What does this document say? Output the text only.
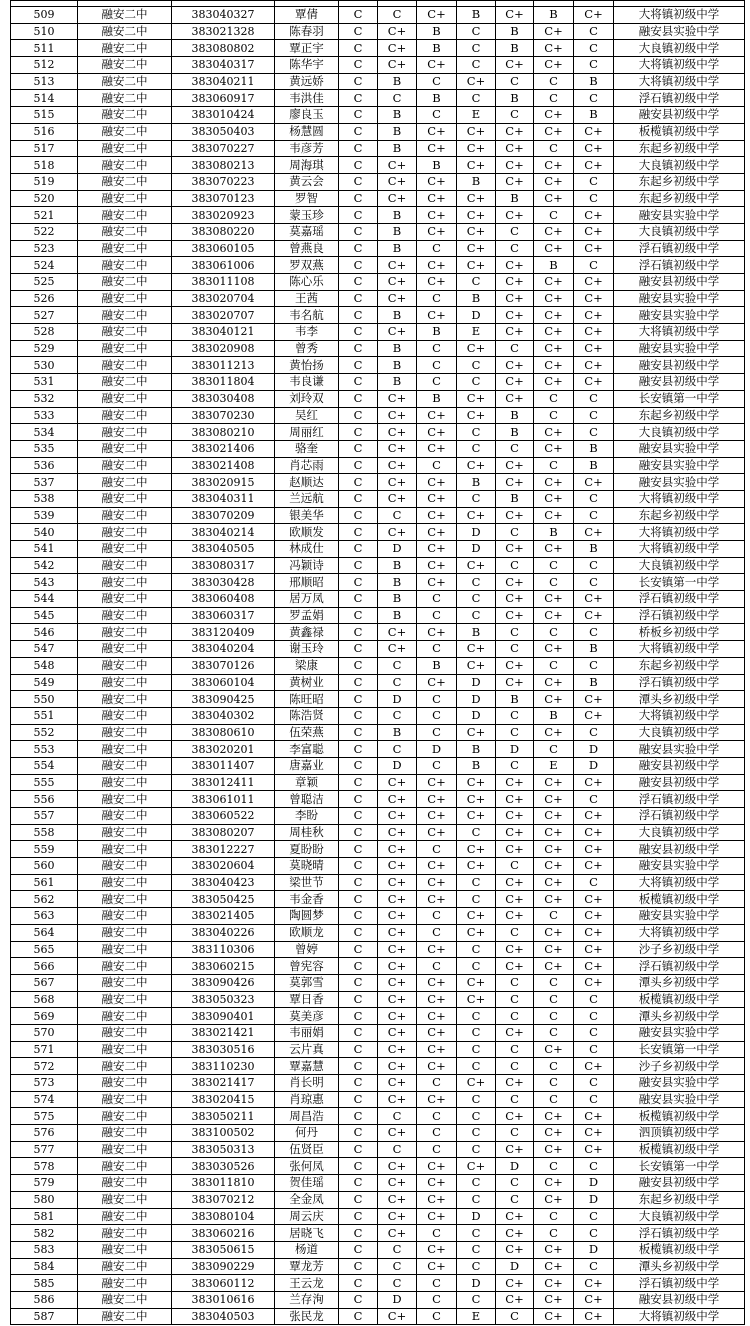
509	融安二中	383040327	覃倩	C	C	C+	B	C+	B	C+	大将镇初级中学
510	融安二中	383021328	陈春羽	C	C+	B	C	B	C+	C	融安县实验中学
511	融安二中	383080802	覃正宇	C	C+	B	C	B	C+	C	大良镇初级中学
512	融安二中	383040317	陈华宇	C	C+	C+	C	C+	C+	C	大将镇初级中学
513	融安二中	383040211	黄远娇	C	B	C	C+	C	C	B	大将镇初级中学
514	融安二中	383060917	韦洪佳	C	C	B	C	B	C	C	浮石镇初级中学
515	融安二中	383010424	廖良玉	C	B	C	E	C	C+	B	融安县初级中学
516	融安二中	383050403	杨慧圆	C	B	C+	C+	C+	C+	C+	板榄镇初级中学
517	融安二中	383070227	韦彦芳	C	B	C+	C+	C+	C	C+	东起乡初级中学
518	融安二中	383080213	周海琪	C	C+	B	C+	C+	C+	C+	大良镇初级中学
519	融安二中	383070223	黄云会	C	C+	C+	B	C+	C+	C	东起乡初级中学
520	融安二中	383070123	罗智	C	C+	C+	C+	B	C+	C	东起乡初级中学
521	融安二中	383020923	蒙玉珍	C	B	C+	C+	C+	C	C+	融安县实验中学
522	融安二中	383080220	莫嘉瑶	C	B	C+	C+	C	C+	C+	大良镇初级中学
523	融安二中	383060105	曾燕良	C	B	C	C+	C	C+	C+	浮石镇初级中学
524	融安二中	383061006	罗双燕	C	C+	C+	C+	C+	B	C	浮石镇初级中学
525	融安二中	383011108	陈心乐	C	C+	C+	C	C+	C+	C+	融安县初级中学
526	融安二中	383020704	王茜	C	C+	C	B	C+	C+	C+	融安县实验中学
527	融安二中	383020707	韦名航	C	B	C+	D	C+	C+	C+	融安县实验中学
528	融安二中	383040121	韦李	C	C+	B	E	C+	C+	C+	大将镇初级中学
529	融安二中	383020908	曾秀	C	B	C	C+	C	C+	C+	融安县实验中学
530	融安二中	383011213	黄怡扬	C	B	C	C	C+	C+	C+	融安县初级中学
531	融安二中	383011804	韦良谦	C	B	C	C	C+	C+	C+	融安县初级中学
532	融安二中	383030408	刘玲双	C	C+	B	C+	C+	C	C	长安镇第一中学
533	融安二中	383070230	吴红	C	C+	C+	C+	B	C	C	东起乡初级中学
534	融安二中	383080210	周丽红	C	C+	C+	C	B	C+	C	大良镇初级中学
535	融安二中	383021406	骆奎	C	C+	C+	C	C	C+	B	融安县实验中学
536	融安二中	383021408	肖芯雨	C	C+	C	C+	C+	C	B	融安县实验中学
537	融安二中	383020915	赵顺达	C	C+	C+	B	C+	C+	C+	融安县实验中学
538	融安二中	383040311	兰远航	C	C+	C+	C	B	C+	C	大将镇初级中学
539	融安二中	383070209	银美华	C	C	C+	C+	C+	C+	C	东起乡初级中学
540	融安二中	383040214	欧顺发	C	C+	C+	D	C	B	C+	大将镇初级中学
541	融安二中	383040505	林成仕	C	D	C+	D	C+	C+	B	大将镇初级中学
542	融安二中	383080317	冯颖诗	C	B	C+	C+	C	C	C	大良镇初级中学
543	融安二中	383030428	邢顺昭	C	B	C+	C	C+	C	C	长安镇第一中学
544	融安二中	383060408	居万凤	C	B	C	C	C+	C+	C+	浮石镇初级中学
545	融安二中	383060317	罗孟娟	C	B	C	C	C+	C+	C+	浮石镇初级中学
546	融安二中	383120409	黄鑫禄	C	C+	C+	B	C	C	C	桥板乡初级中学
547	融安二中	383040204	谢玉玲	C	C+	C	C+	C	C+	B	大将镇初级中学
548	融安二中	383070126	梁康	C	C	B	C+	C+	C	C	东起乡初级中学
549	融安二中	383060104	黄树业	C	C	C+	D	C+	C+	B	浮石镇初级中学
550	融安二中	383090425	陈旺昭	C	D	C	D	B	C+	C+	潭头乡初级中学
551	融安二中	383040302	陈浩贤	C	C	C	D	C	B	C+	大将镇初级中学
552	融安二中	383080610	伍荣燕	C	B	C	C+	C	C+	C	大良镇初级中学
553	融安二中	383020201	李富聪	C	C	D	B	D	C	D	融安县实验中学
554	融安二中	383011407	唐嘉业	C	D	C	B	C	E	D	融安县初级中学
555	融安二中	383012411	章颖	C	C+	C+	C+	C+	C+	C+	融安县初级中学
556	融安二中	383061011	曾聪洁	C	C+	C+	C+	C+	C+	C	浮石镇初级中学
557	融安二中	383060522	李盼	C	C+	C+	C+	C+	C+	C+	浮石镇初级中学
558	融安二中	383080207	周桂秋	C	C+	C+	C	C+	C+	C+	大良镇初级中学
559	融安二中	383012227	夏盼盼	C	C+	C	C+	C+	C+	C+	融安县初级中学
560	融安二中	383020604	莫晓晴	C	C+	C+	C+	C	C+	C+	融安县实验中学
561	融安二中	383040423	梁世节	C	C+	C+	C	C+	C+	C	大将镇初级中学
562	融安二中	383050425	韦金香	C	C+	C+	C	C+	C+	C+	板榄镇初级中学
563	融安二中	383021405	陶圆梦	C	C+	C	C+	C+	C	C+	融安县实验中学
564	融安二中	383040226	欧顺龙	C	C+	C	C+	C	C+	C+	大将镇初级中学
565	融安二中	383110306	曾婷	C	C+	C+	C	C+	C+	C+	沙子乡初级中学
566	融安二中	383060215	曾宪容	C	C+	C	C	C+	C+	C+	浮石镇初级中学
567	融安二中	383090426	莫郭雪	C	C+	C+	C+	C	C	C+	潭头乡初级中学
568	融安二中	383050323	覃日香	C	C+	C+	C+	C	C	C	板榄镇初级中学
569	融安二中	383090401	莫美彦	C	C+	C+	C	C	C	C	潭头乡初级中学
570	融安二中	383021421	韦丽娟	C	C+	C+	C	C+	C	C	融安县实验中学
571	融安二中	383030516	云片真	C	C+	C+	C	C	C+	C	长安镇第一中学
572	融安二中	383110230	覃嘉慧	C	C+	C+	C	C	C	C+	沙子乡初级中学
573	融安二中	383021417	肖长明	C	C+	C	C+	C+	C	C	融安县实验中学
574	融安二中	383020415	肖琼惠	C	C+	C+	C	C	C	C	融安县实验中学
575	融安二中	383050211	周昌浩	C	C	C	C	C+	C+	C+	板榄镇初级中学
576	融安二中	383100502	何丹	C	C+	C	C	C	C+	C+	泗顶镇初级中学
577	融安二中	383050313	伍贤臣	C	C	C	C	C+	C+	C+	板榄镇初级中学
578	融安二中	383030526	张何凤	C	C+	C+	C+	D	C	C	长安镇第一中学
579	融安二中	383011810	贺佳瑶	C	C+	C+	C	C	C+	D	融安县初级中学
580	融安二中	383070212	全金凤	C	C+	C+	C	C	C+	D	东起乡初级中学
581	融安二中	383080104	周云庆	C	C+	C+	D	C+	C	C	大良镇初级中学
582	融安二中	383060216	居晓飞	C	C+	C	C	C+	C	C	浮石镇初级中学
583	融安二中	383050615	杨道	C	C	C+	C	C+	C+	D	板榄镇初级中学
584	融安二中	383090229	覃龙芳	C	C	C+	C	D	C+	C	潭头乡初级中学
585	融安二中	383060112	王云龙	C	C	C	D	C+	C+	C+	浮石镇初级中学
586	融安二中	383010616	兰存洵	C	D	C	C	C+	C+	C+	融安县初级中学
587	融安二中	383040503	张民龙	C	C+	C	E	C	C+	C+	大将镇初级中学
